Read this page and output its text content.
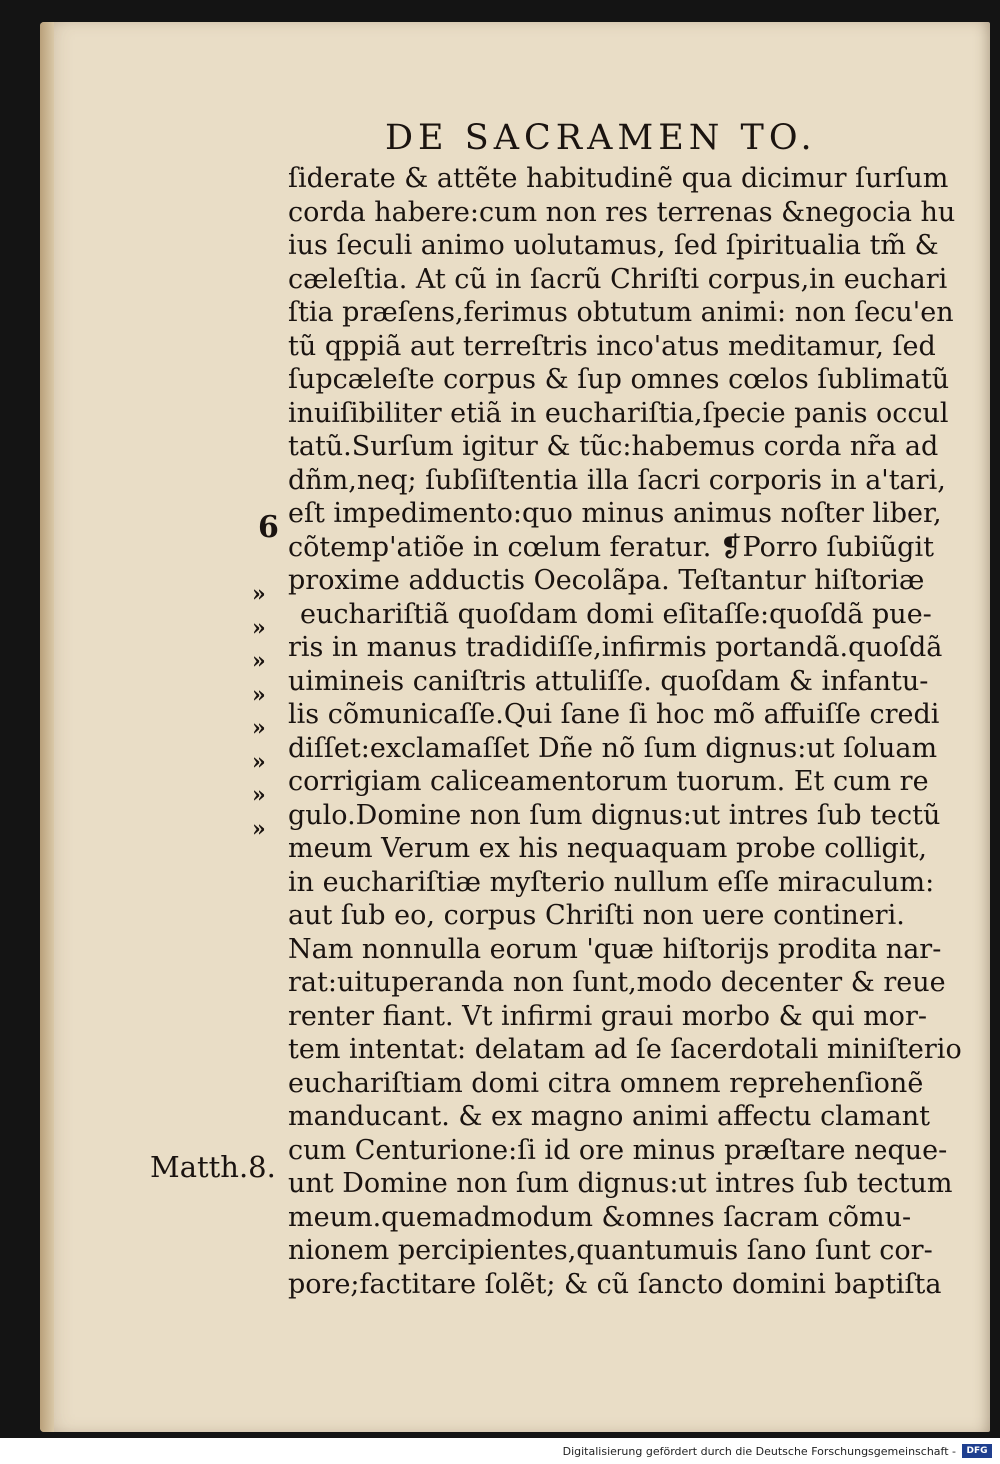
DE SACRAMEN TO.
6
»
»
»
»
»
»
»
»
Matth.8.
ſiderate & attẽte habitudinẽ qua dicimur ſurſum
corda habere:cum non res terrenas &negocia hu
ius ſeculi animo uolutamus, ſed ſpiritualia tm̃ &
cæleſtia. At cũ in ſacrũ Chriſti corpus,in euchari
ſtia præſens,ferimus obtutum animi: non ſecu'en
tũ qppiã aut terreſtris inco'atus meditamur, ſed
ſupcæleſte corpus & ſup omnes cœlos ſublimatũ
inuiſibiliter etiã in euchariſtia,ſpecie panis occul
tatũ.Surſum igitur & tũc:habemus corda nr̃a ad
dñm,neq; ſubſiſtentia illa ſacri corporis in a'tari,
eſt impedimento:quo minus animus noſter liber,
cõtemp'atiõe in cœlum feratur. ❡Porro ſubiũgit
proxime adductis Oecolãpa. Teſtantur hiſtoriæ
euchariſtiã quoſdam domi eſitaſſe:quoſdã pue-
ris in manus tradidiſſe,infirmis portandã.quoſdã
uimineis caniſtris attuliſſe. quoſdam & infantu-
lis cõmunicaſſe.Qui ſane ſi hoc mõ affuiſſe credi
diſſet:exclamaſſet Dñe nõ ſum dignus:ut ſoluam
corrigiam caliceamentorum tuorum. Et cum re
gulo.Domine non ſum dignus:ut intres ſub tectũ
meum Verum ex his nequaquam probe colligit,
in euchariſtiæ myſterio nullum eſſe miraculum:
aut ſub eo, corpus Chriſti non uere contineri.
Nam nonnulla eorum 'quæ hiſtorijs prodita nar-
rat:uituperanda non ſunt,modo decenter & reue
renter fiant. Vt infirmi graui morbo & qui mor-
tem intentat: delatam ad ſe ſacerdotali miniſterio
euchariſtiam domi citra omnem reprehenſionẽ
manducant. & ex magno animi affectu clamant
cum Centurione:ſi id ore minus præſtare neque-
unt Domine non ſum dignus:ut intres ſub tectum
meum.quemadmodum &omnes ſacram cõmu-
nionem percipientes,quantumuis ſano ſunt cor-
pore;factitare ſolẽt; & cũ ſancto domini baptiſta
Digitalisierung gefördert durch die Deutsche Forschungsgemeinschaft -	DFG
